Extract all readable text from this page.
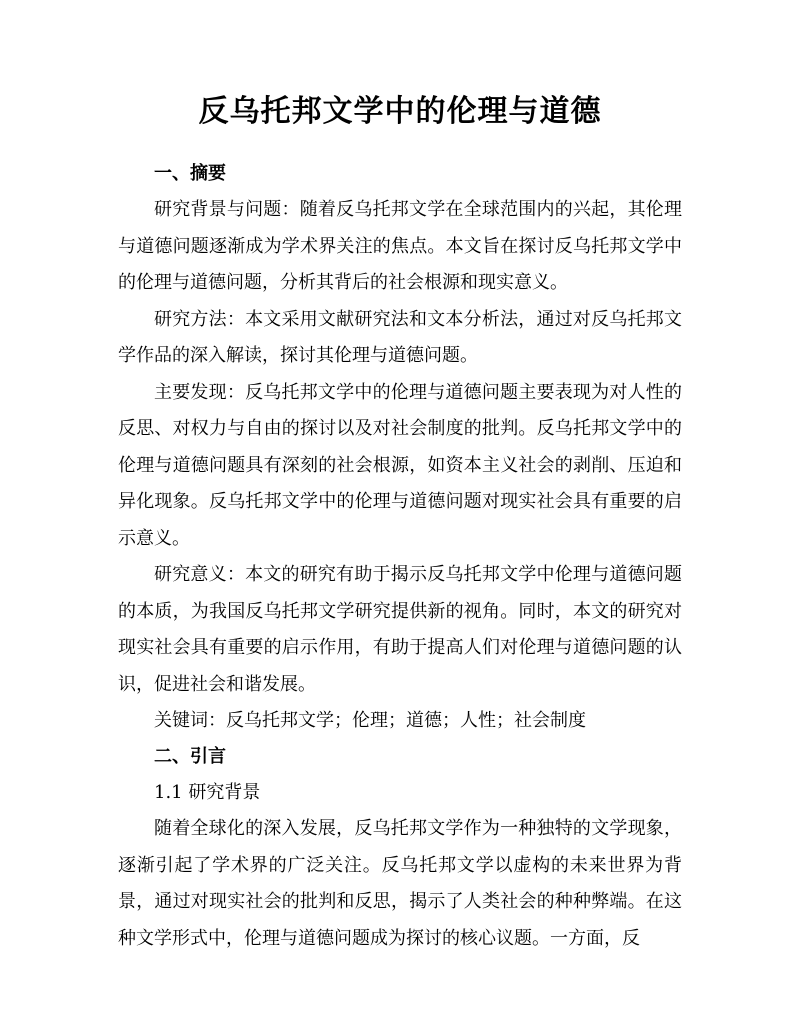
反乌托邦文学中的伦理与道德
一、摘要

研究背景与问题：随着反乌托邦文学在全球范围内的兴起，其伦理与道德问题逐渐成为学术界关注的焦点。本文旨在探讨反乌托邦文学中的伦理与道德问题，分析其背后的社会根源和现实意义。

研究方法：本文采用文献研究法和文本分析法，通过对反乌托邦文学作品的深入解读，探讨其伦理与道德问题。

主要发现：反乌托邦文学中的伦理与道德问题主要表现为对人性的反思、对权力与自由的探讨以及对社会制度的批判。反乌托邦文学中的伦理与道德问题具有深刻的社会根源，如资本主义社会的剥削、压迫和异化现象。反乌托邦文学中的伦理与道德问题对现实社会具有重要的启示意义。

研究意义：本文的研究有助于揭示反乌托邦文学中伦理与道德问题的本质，为我国反乌托邦文学研究提供新的视角。同时，本文的研究对现实社会具有重要的启示作用，有助于提高人们对伦理与道德问题的认识，促进社会和谐发展。

关键词：反乌托邦文学；伦理；道德；人性；社会制度

二、引言

1.1 研究背景

随着全球化的深入发展，反乌托邦文学作为一种独特的文学现象，逐渐引起了学术界的广泛关注。反乌托邦文学以虚构的未来世界为背景，通过对现实社会的批判和反思，揭示了人类社会的种种弊端。在这种文学形式中，伦理与道德问题成为探讨的核心议题。一方面，反
